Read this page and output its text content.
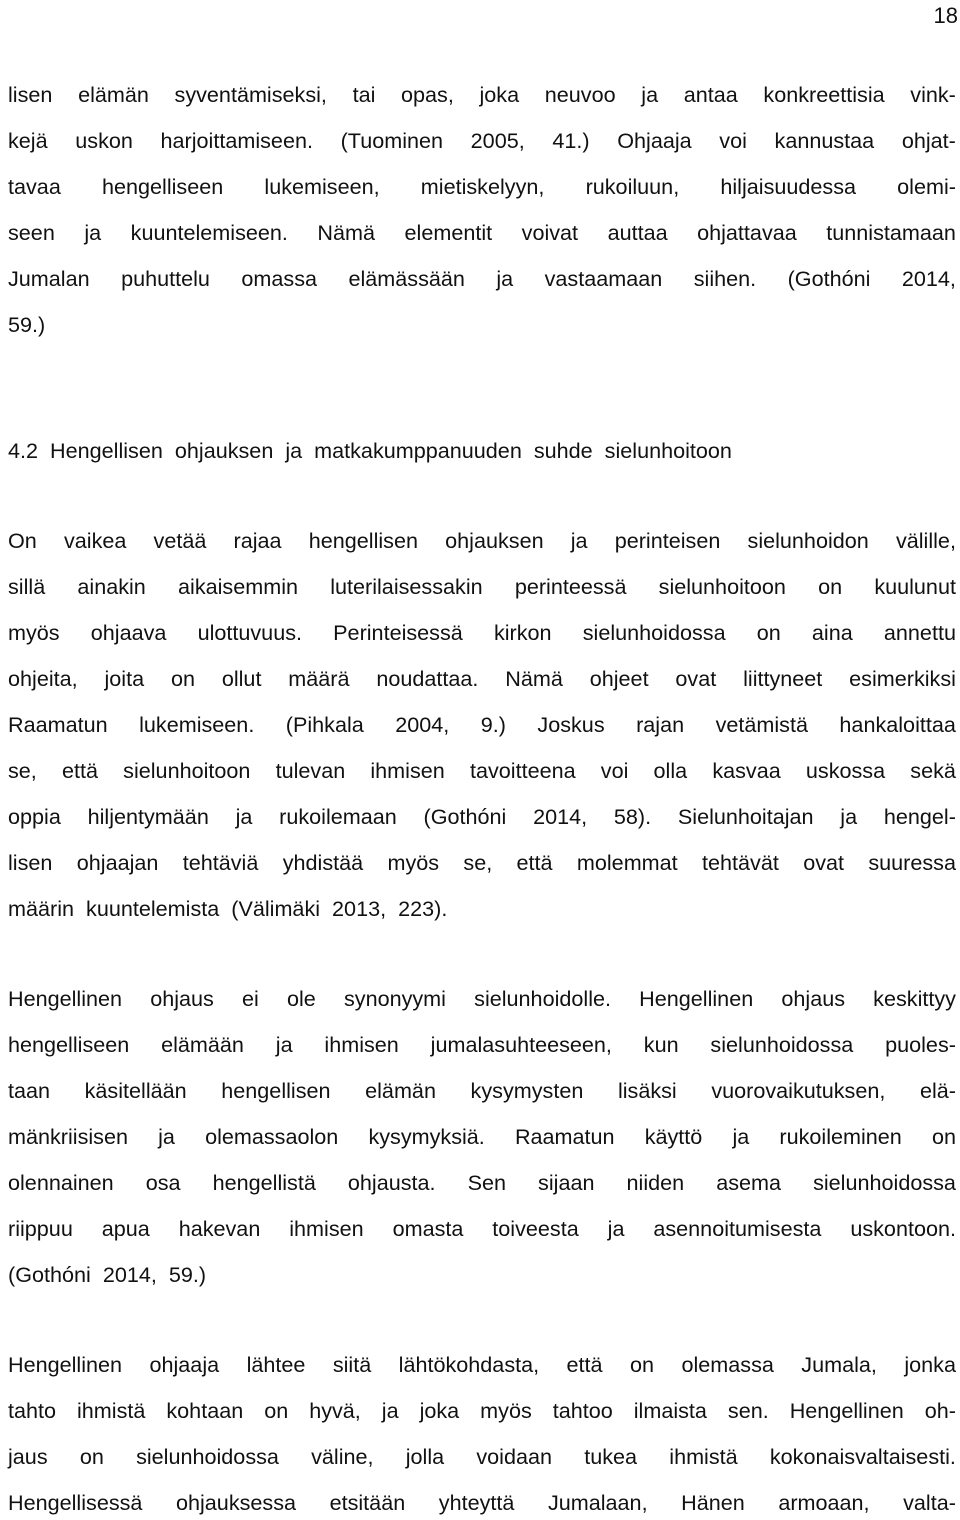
18
lisen elämän syventämiseksi, tai opas, joka neuvoo ja antaa konkreettisia vink-
kejä uskon harjoittamiseen. (Tuominen 2005, 41.) Ohjaaja voi kannustaa ohjat-
tavaa hengelliseen lukemiseen, mietiskelyyn, rukoiluun, hiljaisuudessa olemi-
seen ja kuuntelemiseen. Nämä elementit voivat auttaa ohjattavaa tunnistamaan
Jumalan puhuttelu omassa elämässään ja vastaamaan siihen. (Gothóni 2014,
59.)
4.2 Hengellisen ohjauksen ja matkakumppanuuden suhde sielunhoitoon
On vaikea vetää rajaa hengellisen ohjauksen ja perinteisen sielunhoidon välille,
sillä ainakin aikaisemmin luterilaisessakin perinteessä sielunhoitoon on kuulunut
myös ohjaava ulottuvuus. Perinteisessä kirkon sielunhoidossa on aina annettu
ohjeita, joita on ollut määrä noudattaa. Nämä ohjeet ovat liittyneet esimerkiksi
Raamatun lukemiseen. (Pihkala 2004, 9.) Joskus rajan vetämistä hankaloittaa
se, että sielunhoitoon tulevan ihmisen tavoitteena voi olla kasvaa uskossa sekä
oppia hiljentymään ja rukoilemaan (Gothóni 2014, 58). Sielunhoitajan ja hengel-
lisen ohjaajan tehtäviä yhdistää myös se, että molemmat tehtävät ovat suuressa
määrin kuuntelemista (Välimäki 2013, 223).
Hengellinen ohjaus ei ole synonyymi sielunhoidolle. Hengellinen ohjaus keskittyy
hengelliseen elämään ja ihmisen jumalasuhteeseen, kun sielunhoidossa puoles-
taan käsitellään hengellisen elämän kysymysten lisäksi vuorovaikutuksen, elä-
mänkriisisen ja olemassaolon kysymyksiä. Raamatun käyttö ja rukoileminen on
olennainen osa hengellistä ohjausta. Sen sijaan niiden asema sielunhoidossa
riippuu apua hakevan ihmisen omasta toiveesta ja asennoitumisesta uskontoon.
(Gothóni 2014, 59.)
Hengellinen ohjaaja lähtee siitä lähtökohdasta, että on olemassa Jumala, jonka
tahto ihmistä kohtaan on hyvä, ja joka myös tahtoo ilmaista sen. Hengellinen oh-
jaus on sielunhoidossa väline, jolla voidaan tukea ihmistä kokonaisvaltaisesti.
Hengellisessä ohjauksessa etsitään yhteyttä Jumalaan, Hänen armoaan, valta-
